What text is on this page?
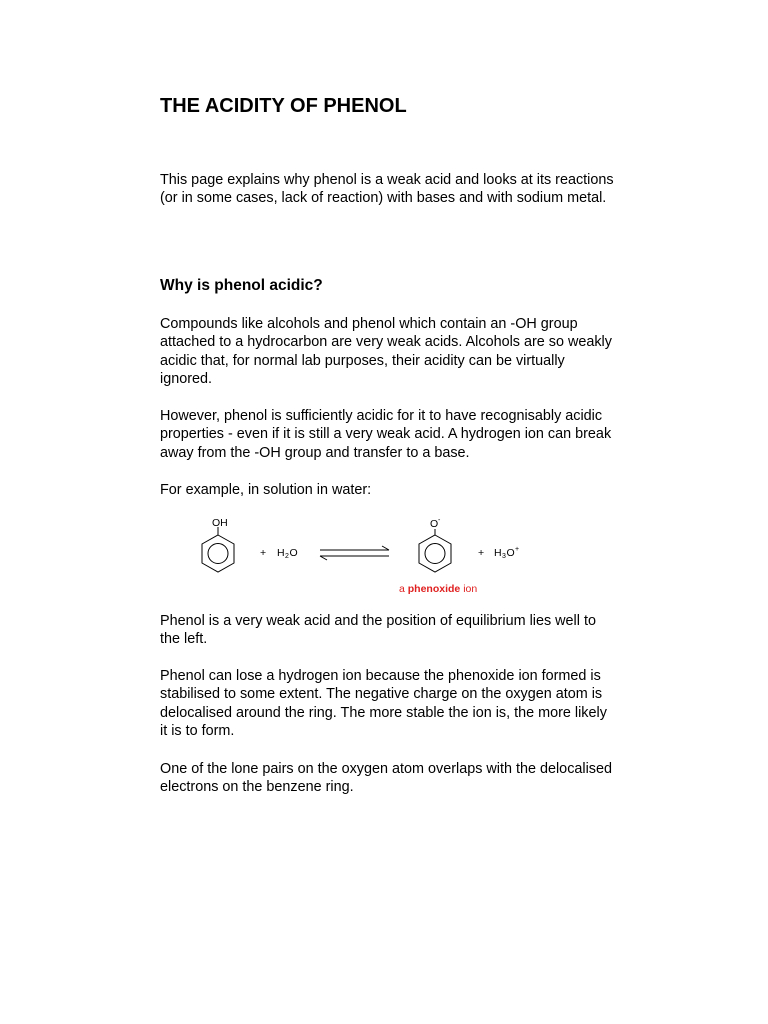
THE ACIDITY OF PHENOL

This page explains why phenol is a weak acid and looks at its reactions (or in some cases, lack of reaction) with bases and with sodium metal.

Why is phenol acidic?

Compounds like alcohols and phenol which contain an -OH group attached to a hydrocarbon are very weak acids. Alcohols are so weakly acidic that, for normal lab purposes, their acidity can be virtually ignored.

However, phenol is sufficiently acidic for it to have recognisably acidic properties - even if it is still a very weak acid. A hydrogen ion can break away from the -OH group and transfer to a base.

For example, in solution in water:

Phenol is a very weak acid and the position of equilibrium lies well to the left.

Phenol can lose a hydrogen ion because the phenoxide ion formed is stabilised to some extent. The negative charge on the oxygen atom is delocalised around the ring. The more stable the ion is, the more likely it is to form.

One of the lone pairs on the oxygen atom overlaps with the delocalised electrons on the benzene ring.

OH
+ H 2 O
O -
+ H 3 O +
a phenoxide ion
